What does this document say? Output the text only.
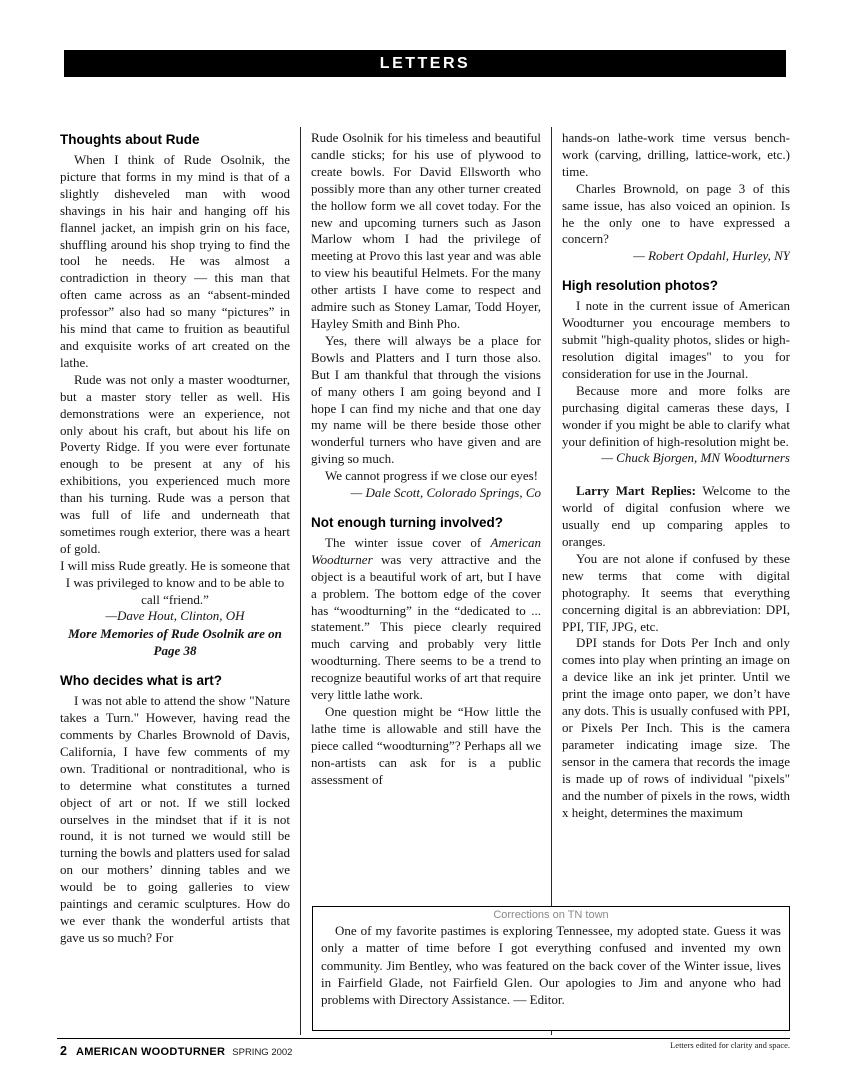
LETTERS
Thoughts about Rude

When I think of Rude Osolnik, the picture that forms in my mind is that of a slightly disheveled man with wood shavings in his hair and hanging off his flannel jacket, an impish grin on his face, shuffling around his shop trying to find the tool he needs. He was almost a contradiction in theory — this man that often came across as an “absent-minded professor” also had so many “pictures” in his mind that came to fruition as beautiful and exquisite works of art created on the lathe.

Rude was not only a master woodturner, but a master story teller as well. His demonstrations were an experience, not only about his craft, but about his life on Poverty Ridge. If you were ever fortunate enough to be present at any of his exhibitions, you experienced much more than his turning. Rude was a person that was full of life and underneath that sometimes rough exterior, there was a heart of gold.

I will miss Rude greatly. He is someone that I was privileged to know and to be able to call “friend.”

—Dave Hout, Clinton, OH

More Memories of Rude Osolnik are on Page 38

Who decides what is art?

I was not able to attend the show "Nature takes a Turn." However, having read the comments by Charles Brownold of Davis, California, I have few comments of my own. Traditional or nontraditional, who is to determine what constitutes a turned object of art or not. If we still locked ourselves in the mindset that if it is not round, it is not turned we would still be turning the bowls and platters used for salad on our mothers’ dinning tables and we would be to going galleries to view paintings and ceramic sculptures. How do we ever thank the wonderful artists that gave us so much? For

Rude Osolnik for his timeless and beautiful candle sticks; for his use of plywood to create bowls. For David Ellsworth who possibly more than any other turner created the hollow form we all covet today. For the new and upcoming turners such as Jason Marlow whom I had the privilege of meeting at Provo this last year and was able to view his beautiful Helmets. For the many other artists I have come to respect and admire such as Stoney Lamar, Todd Hoyer, Hayley Smith and Binh Pho.

Yes, there will always be a place for Bowls and Platters and I turn those also. But I am thankful that through the visions of many others I am going beyond and I hope I can find my niche and that one day my name will be there beside those other wonderful turners who have given and are giving so much.

We cannot progress if we close our eyes!

— Dale Scott, Colorado Springs, Co

Not enough turning involved?

The winter issue cover of American Woodturner was very attractive and the object is a beautiful work of art, but I have a problem. The bottom edge of the cover has “woodturning” in the “dedicated to ... statement.” This piece clearly required much carving and probably very little woodturning. There seems to be a trend to recognize beautiful works of art that require very little lathe work.

One question might be “How little the lathe time is allowable and still have the piece called “woodturning”? Perhaps all we non-artists can ask for is a public assessment of

hands-on lathe-work time versus bench-work (carving, drilling, lattice-work, etc.) time.

Charles Brownold, on page 3 of this same issue, has also voiced an opinion. Is he the only one to have expressed a concern?

— Robert Opdahl, Hurley, NY

High resolution photos?

I note in the current issue of American Woodturner you encourage members to submit "high-quality photos, slides or high-resolution digital images" to you for consideration for use in the Journal.

Because more and more folks are purchasing digital cameras these days, I wonder if you might be able to clarify what your definition of high-resolution might be.

— Chuck Bjorgen, MN Woodturners

Larry Mart Replies: Welcome to the world of digital confusion where we usually end up comparing apples to oranges.

You are not alone if confused by these new terms that come with digital photography. It seems that everything concerning digital is an abbreviation: DPI, PPI, TIF, JPG, etc.

DPI stands for Dots Per Inch and only comes into play when printing an image on a device like an ink jet printer. Until we print the image onto paper, we don’t have any dots. This is usually confused with PPI, or Pixels Per Inch. This is the camera parameter indicating image size. The sensor in the camera that records the image is made up of rows of individual "pixels" and the number of pixels in the rows, width x height, determines the maximum

Corrections on TN town

One of my favorite pastimes is exploring Tennessee, my adopted state. Guess it was only a matter of time before I got everything confused and invented my own community. Jim Bentley, who was featured on the back cover of the Winter issue, lives in Fairfield Glade, not Fairfield Glen. Our apologies to Jim and anyone who had problems with Directory Assistance. — Editor.

2 AMERICAN WOODTURNER SPRING 2002
Letters edited for clarity and space.
